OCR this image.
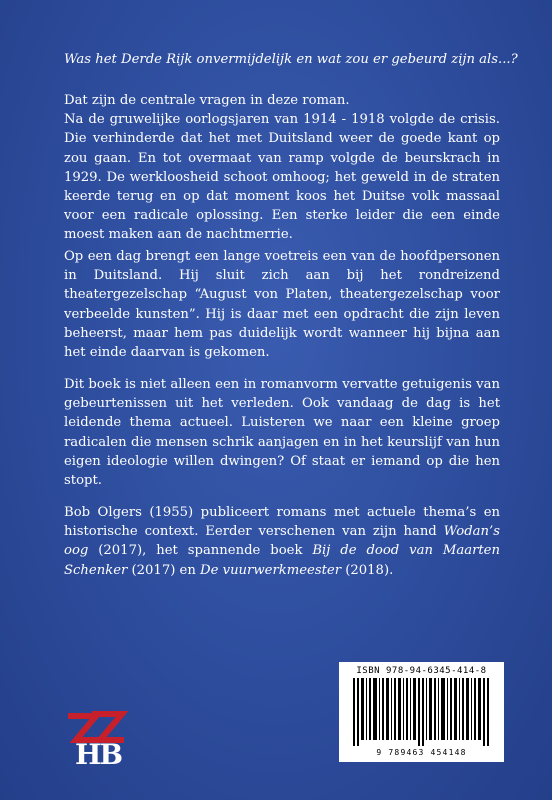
Was het Derde Rijk onvermijdelijk en wat zou er gebeurd zijn als...?

Dat zijn de centrale vragen in deze roman.
Na de gruwelijke oorlogsjaren van 1914 - 1918 volgde de crisis. Die verhinderde dat het met Duitsland weer de goede kant op zou gaan. En tot overmaat van ramp volgde de beurskrach in 1929. De werkloosheid schoot omhoog; het geweld in de straten keerde terug en op dat moment koos het Duitse volk massaal voor een radicale oplossing. Een sterke leider die een einde moest maken aan de nachtmerrie.

Op een dag brengt een lange voetreis een van de hoofdpersonen in Duitsland. Hij sluit zich aan bij het rondreizend theatergezelschap “August von Platen, theatergezelschap voor verbeelde kunsten”. Hij is daar met een opdracht die zijn leven beheerst, maar hem pas duidelijk wordt wanneer hij bijna aan het einde daarvan is gekomen.

Dit boek is niet alleen een in romanvorm vervatte getuigenis van gebeurtenissen uit het verleden. Ook vandaag de dag is het leidende thema actueel. Luisteren we naar een kleine groep radicalen die mensen schrik aanjagen en in het keurslijf van hun eigen ideologie willen dwingen? Of staat er iemand op die hen stopt.

Bob Olgers (1955) publiceert romans met actuele thema’s en historische context. Eerder verschenen van zijn hand Wodan’s oog (2017), het spannende boek Bij de dood van Maarten Schenker (2017) en De vuurwerkmeester (2018).

HB
ISBN 978-94-6345-414-8
9 789463 454148
